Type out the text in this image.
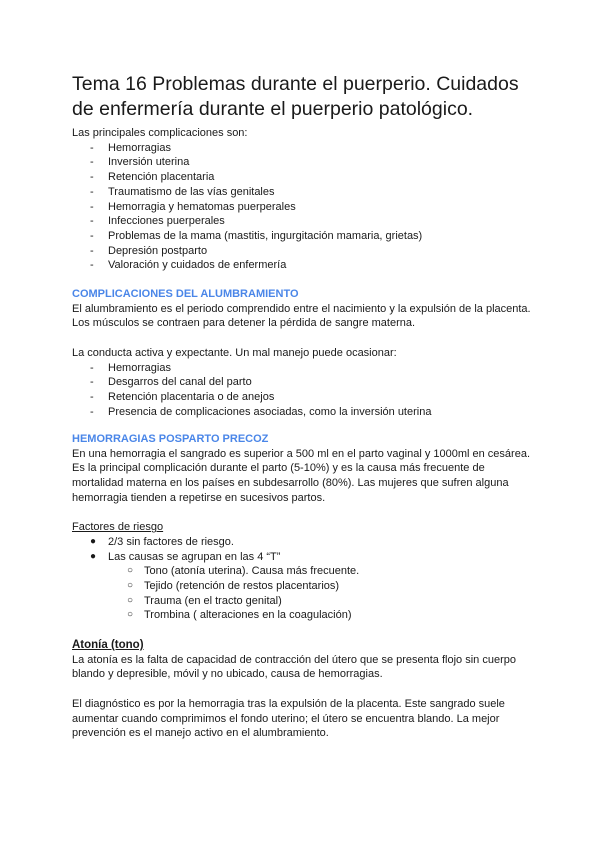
Tema 16 Problemas durante el puerperio. Cuidados de enfermería durante el puerperio patológico.

Las principales complicaciones son:

- Hemorragias
- Inversión uterina
- Retención placentaria
- Traumatismo de las vías genitales
- Hemorragia y hematomas puerperales
- Infecciones puerperales
- Problemas de la mama (mastitis, ingurgitación mamaria, grietas)
- Depresión postparto
- Valoración y cuidados de enfermería

COMPLICACIONES DEL ALUMBRAMIENTO

El alumbramiento es el periodo comprendido entre el nacimiento y la expulsión de la placenta. Los músculos se contraen para detener la pérdida de sangre materna.

La conducta activa y expectante. Un mal manejo puede ocasionar:

- Hemorragias
- Desgarros del canal del parto
- Retención placentaria o de anejos
- Presencia de complicaciones asociadas, como la inversión uterina

HEMORRAGIAS POSPARTO PRECOZ

En una hemorragia el sangrado es superior a 500 ml en el parto vaginal y 1000ml en cesárea. Es la principal complicación durante el parto (5-10%) y es la causa más frecuente de mortalidad materna en los países en subdesarrollo (80%). Las mujeres que sufren alguna hemorragia tienden a repetirse en sucesivos partos.

Factores de riesgo

● 2/3 sin factores de riesgo.
● Las causas se agrupan en las 4 “T”
○ Tono (atonía uterina). Causa más frecuente.
○ Tejido (retención de restos placentarios)
○ Trauma (en el tracto genital)
○ Trombina ( alteraciones en la coagulación)

Atonía (tono)

La atonía es la falta de capacidad de contracción del útero que se presenta flojo sin cuerpo blando y depresible, móvil y no ubicado, causa de hemorragias.

El diagnóstico es por la hemorragia tras la expulsión de la placenta. Este sangrado suele aumentar cuando comprimimos el fondo uterino; el útero se encuentra blando. La mejor prevención es el manejo activo en el alumbramiento.
